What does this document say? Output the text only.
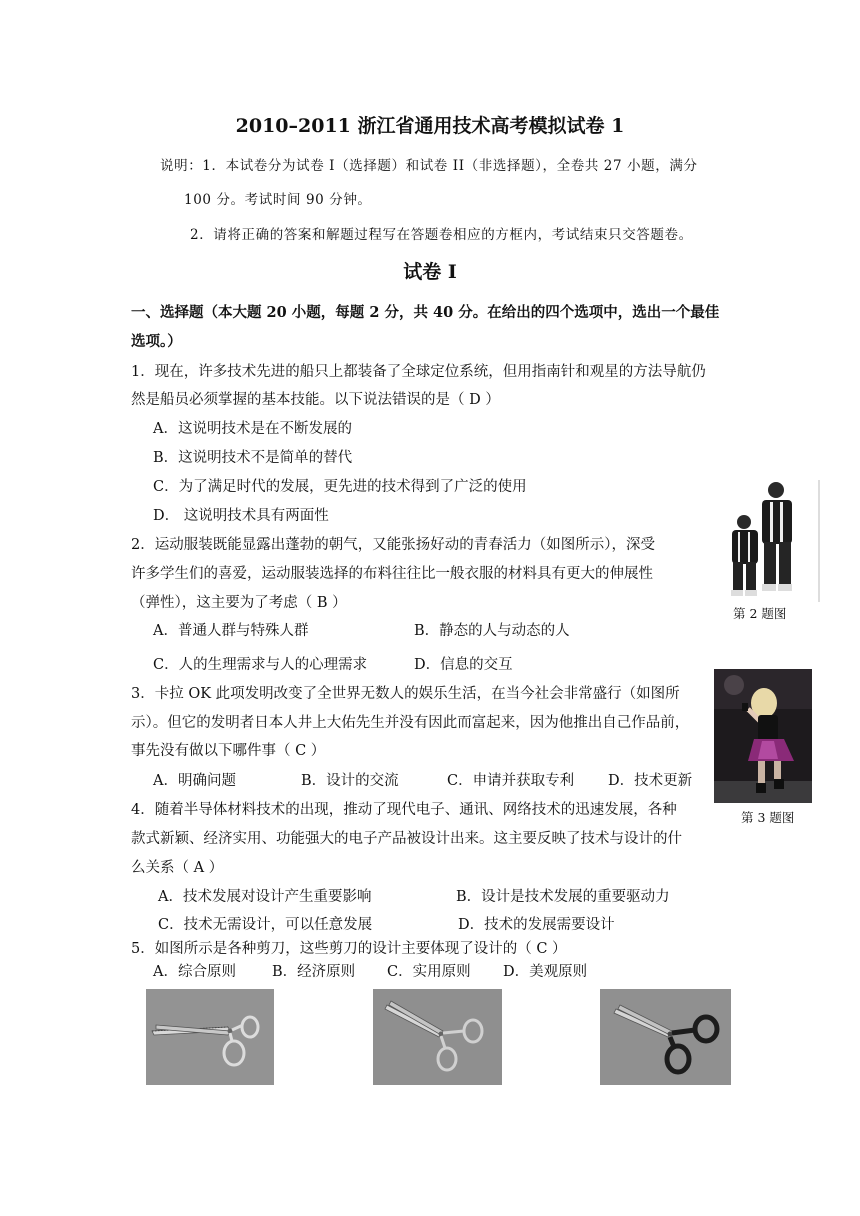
2010–2011 浙江省通用技术高考模拟试卷 1
说明：1．本试卷分为试卷 I（选择题）和试卷 II（非选择题），全卷共 27 小题，满分
100 分。考试时间 90 分钟。
2．请将正确的答案和解题过程写在答题卷相应的方框内，考试结束只交答题卷。
试卷 I
一、选择题（本大题 20 小题，每题 2 分，共 40 分。在给出的四个选项中，选出一个最佳
选项。）
1．现在，许多技术先进的船只上都装备了全球定位系统，但用指南针和观星的方法导航仍
然是船员必须掌握的基本技能。以下说法错误的是（ D ）
A．这说明技术是在不断发展的
B．这说明技术不是简单的替代
C．为了满足时代的发展，更先进的技术得到了广泛的使用
D． 这说明技术具有两面性
2．运动服装既能显露出蓬勃的朝气，又能张扬好动的青春活力（如图所示），深受
许多学生们的喜爱，运动服装选择的布料往往比一般衣服的材料具有更大的伸展性
（弹性），这主要为了考虑（ B ）
A．普通人群与特殊人群	B．静态的人与动态的人
C．人的生理需求与人的心理需求	D．信息的交互
第 2 题图
3．卡拉 OK 此项发明改变了全世界无数人的娱乐生活，在当今社会非常盛行（如图所
示）。但它的发明者日本人井上大佑先生并没有因此而富起来，因为他推出自己作品前，
事先没有做以下哪件事（ C ）
A．明确问题	B．设计的交流	C．申请并获取专利 D．技术更新
第 3 题图
4．随着半导体材料技术的出现，推动了现代电子、通讯、网络技术的迅速发展，各种
款式新颖、经济实用、功能强大的电子产品被设计出来。这主要反映了技术与设计的什
么关系（ A ）
A．技术发展对设计产生重要影响	B．设计是技术发展的重要驱动力
C．技术无需设计，可以任意发展	D．技术的发展需要设计
5．如图所示是各种剪刀，这些剪刀的设计主要体现了设计的（ C ）
A．综合原则 B．经济原则 C．实用原则 D．美观原则
